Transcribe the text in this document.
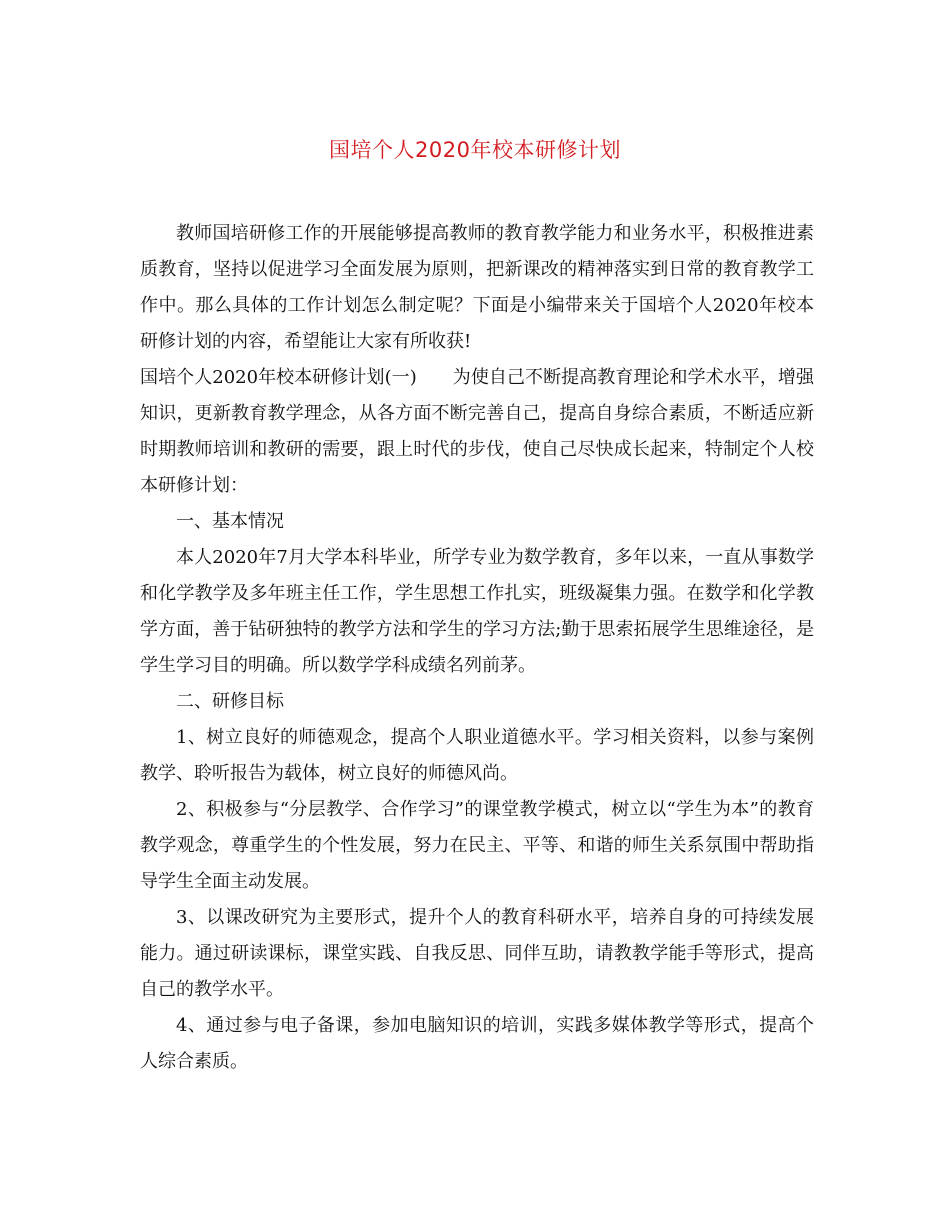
国培个人2020年校本研修计划

教师国培研修工作的开展能够提高教师的教育教学能力和业务水平，积极推进素质教育，坚持以促进学习全面发展为原则，把新课改的精神落实到日常的教育教学工作中。那么具体的工作计划怎么制定呢？下面是小编带来关于国培个人2020年校本研修计划的内容，希望能让大家有所收获!

国培个人2020年校本研修计划(一) 为使自己不断提高教育理论和学术水平，增强知识，更新教育教学理念，从各方面不断完善自己，提高自身综合素质，不断适应新时期教师培训和教研的需要，跟上时代的步伐，使自己尽快成长起来，特制定个人校本研修计划：

一、基本情况

本人2020年7月大学本科毕业，所学专业为数学教育，多年以来，一直从事数学和化学教学及多年班主任工作，学生思想工作扎实，班级凝集力强。在数学和化学教学方面，善于钻研独特的教学方法和学生的学习方法;勤于思索拓展学生思维途径，是学生学习目的明确。所以数学学科成绩名列前茅。

二、研修目标

1、树立良好的师德观念，提高个人职业道德水平。学习相关资料，以参与案例教学、聆听报告为载体，树立良好的师德风尚。

2、积极参与“分层教学、合作学习”的课堂教学模式，树立以“学生为本”的教育教学观念，尊重学生的个性发展，努力在民主、平等、和谐的师生关系氛围中帮助指导学生全面主动发展。

3、以课改研究为主要形式，提升个人的教育科研水平，培养自身的可持续发展能力。通过研读课标，课堂实践、自我反思、同伴互助，请教教学能手等形式，提高自己的教学水平。

4、通过参与电子备课，参加电脑知识的培训，实践多媒体教学等形式，提高个人综合素质。
